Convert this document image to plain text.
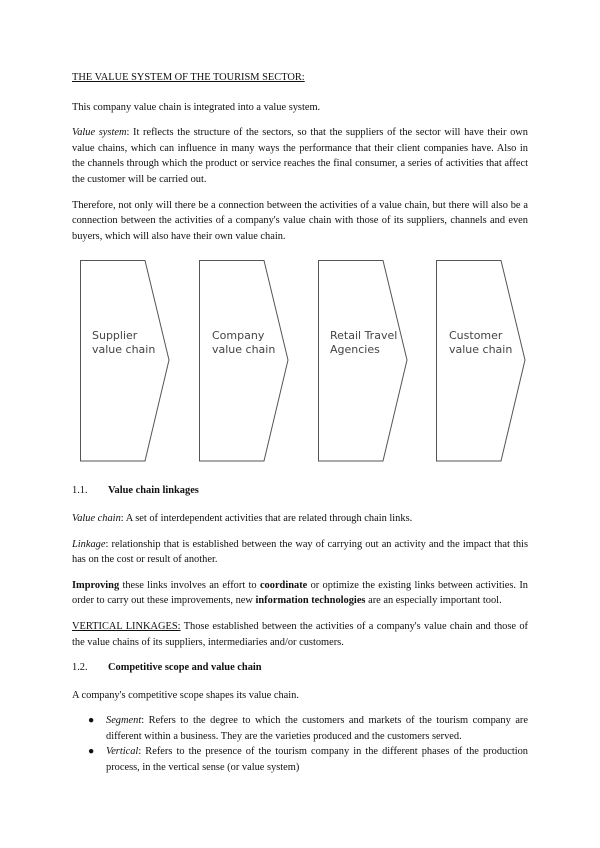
THE VALUE SYSTEM OF THE TOURISM SECTOR:

This company value chain is integrated into a value system.

Value system: It reflects the structure of the sectors, so that the suppliers of the sector will have their own value chains, which can influence in many ways the performance that their client companies have. Also in the channels through which the product or service reaches the final consumer, a series of activities that affect the customer will be carried out.

Therefore, not only will there be a connection between the activities of a value chain, but there will also be a connection between the activities of a company's value chain with those of its suppliers, channels and even buyers, which will also have their own value chain.

Supplier
value chain
Company
value chain
Retail Travel
Agencies
Customer
value chain
1.1.	Value chain linkages

Value chain: A set of interdependent activities that are related through chain links.

Linkage: relationship that is established between the way of carrying out an activity and the impact that this has on the cost or result of another.

Improving these links involves an effort to coordinate or optimize the existing links between activities. In order to carry out these improvements, new information technologies are an especially important tool.

VERTICAL LINKAGES: Those established between the activities of a company's value chain and those of the value chains of its suppliers, intermediaries and/or customers.

1.2.	Competitive scope and value chain

A company's competitive scope shapes its value chain.

● Segment: Refers to the degree to which the customers and markets of the tourism company are different within a business. They are the varieties produced and the customers served.
● Vertical: Refers to the presence of the tourism company in the different phases of the production process, in the vertical sense (or value system)
